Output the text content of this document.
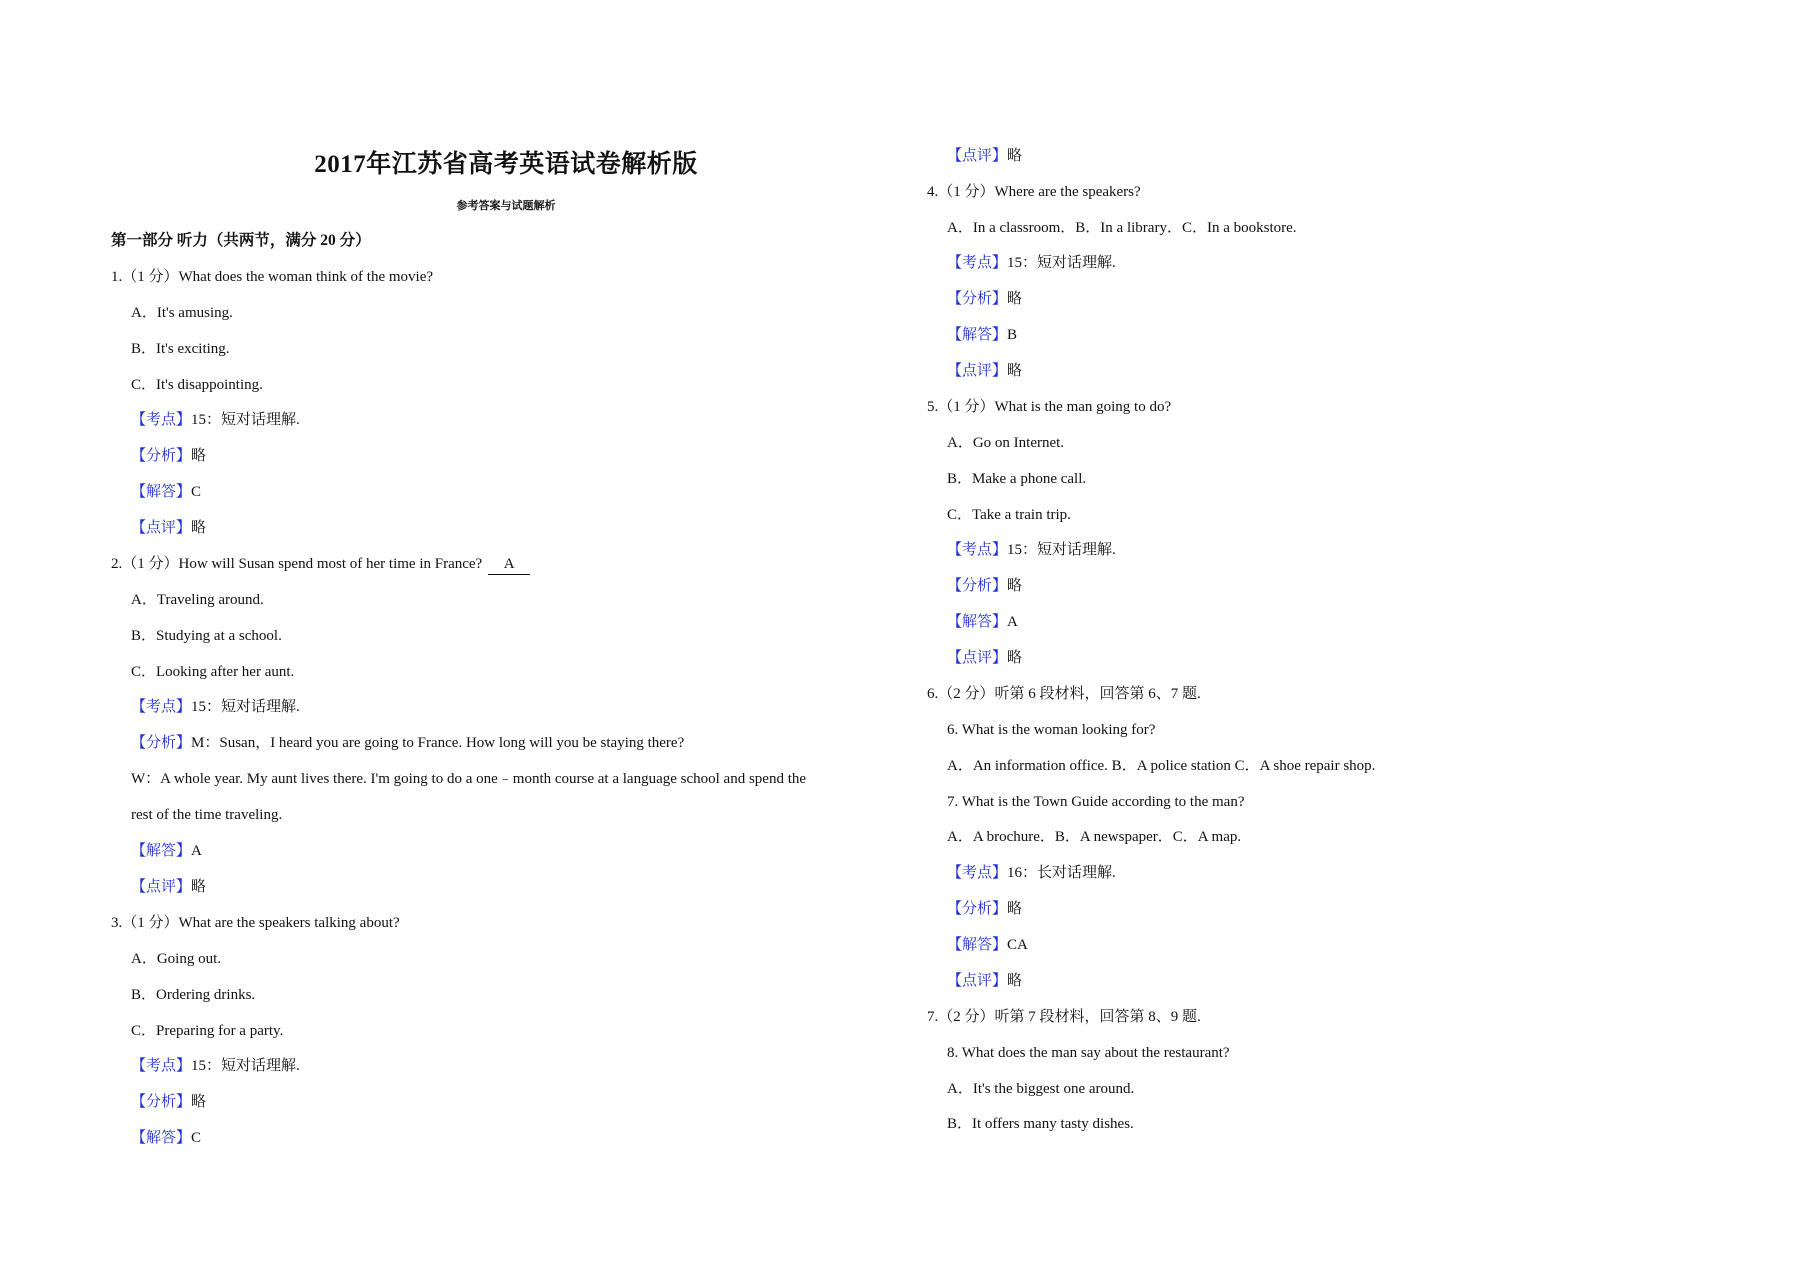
2017年江苏省高考英语试卷解析版
参考答案与试题解析
第一部分 听力（共两节，满分 20 分）
1.（1 分）What does the woman think of the movie?
A．It's amusing.
B．It's exciting.
C．It's disappointing.
【考点】15：短对话理解.
【分析】略
【解答】C
【点评】略
2.（1 分）How will Susan spend most of her time in France? A
A．Traveling around.
B．Studying at a school.
C．Looking after her aunt.
【考点】15：短对话理解.
【分析】M：Susan，I heard you are going to France. How long will you be staying there?
W：A whole year. My aunt lives there. I'm going to do a one﹣month course at a language school and spend the
rest of the time traveling.
【解答】A
【点评】略
3.（1 分）What are the speakers talking about?
A．Going out.
B．Ordering drinks.
C．Preparing for a party.
【考点】15：短对话理解.
【分析】略
【解答】C
【点评】略
4.（1 分）Where are the speakers?
A．In a classroom．B．In a library．C．In a bookstore.
【考点】15：短对话理解.
【分析】略
【解答】B
【点评】略
5.（1 分）What is the man going to do?
A．Go on Internet.
B．Make a phone call.
C．Take a train trip.
【考点】15：短对话理解.
【分析】略
【解答】A
【点评】略
6.（2 分）听第 6 段材料，回答第 6、7 题.
6. What is the woman looking for?
A．An information office. B．A police station C．A shoe repair shop.
7. What is the Town Guide according to the man?
A．A brochure．B．A newspaper．C．A map.
【考点】16：长对话理解.
【分析】略
【解答】CA
【点评】略
7.（2 分）听第 7 段材料，回答第 8、9 题.
8. What does the man say about the restaurant?
A．It's the biggest one around.
B．It offers many tasty dishes.
